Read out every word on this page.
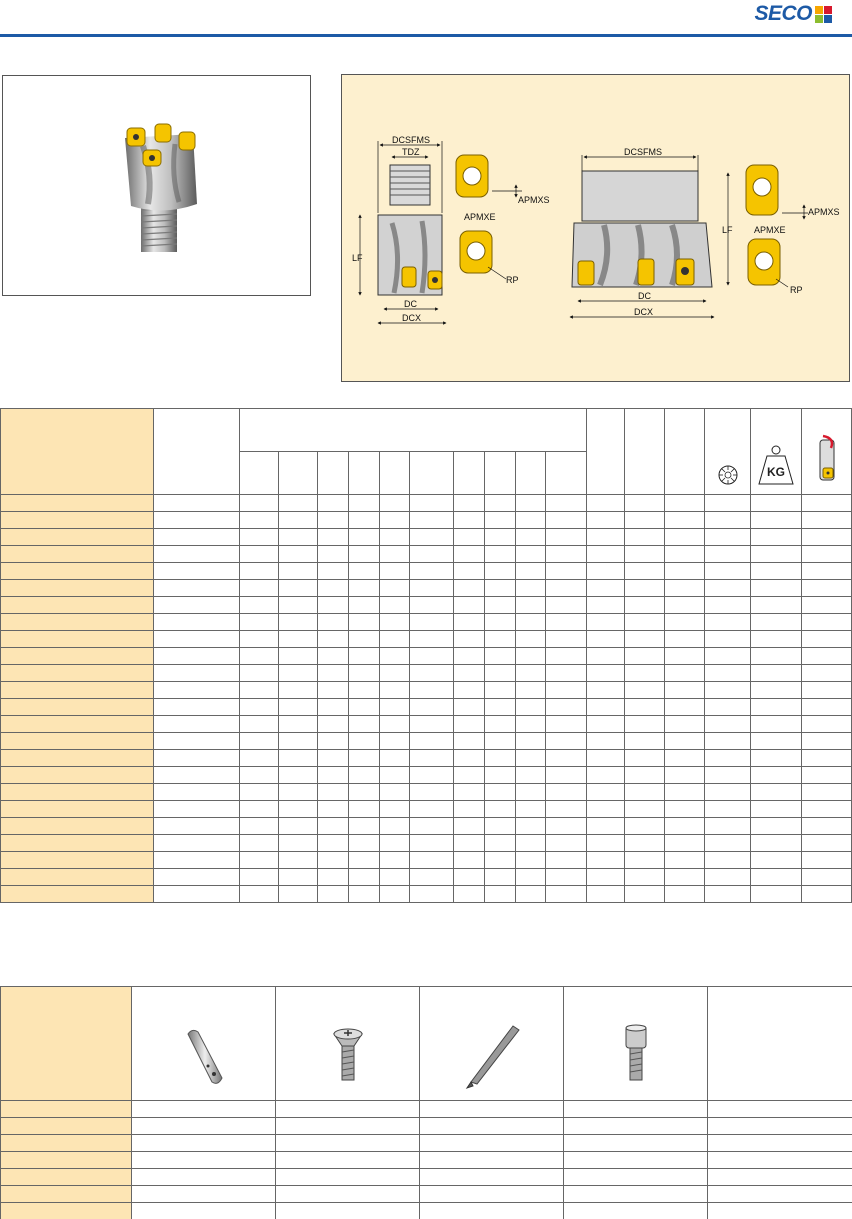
SECO
DCSFMS
TDZ
LF
DC
DCX
APMXS
APMXE
RP
DCSFMS
LF
DC
DCX
APMXS
APMXE
RP

KG
